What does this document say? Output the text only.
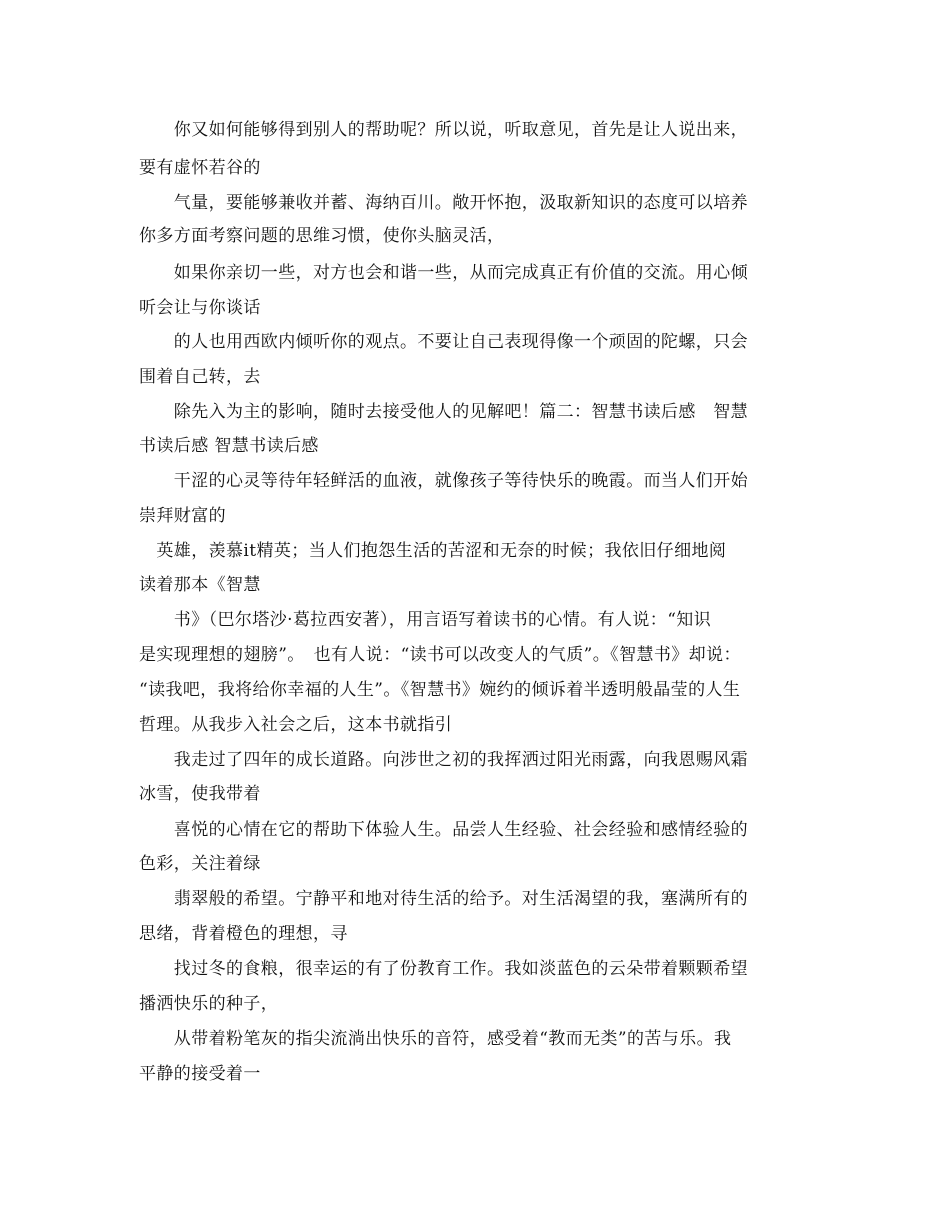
　　你又如何能够得到别人的帮助呢？所以说，听取意见，首先是让人说出来，
要有虚怀若谷的
　　气量，要能够兼收并蓄、海纳百川。敞开怀抱，汲取新知识的态度可以培养
你多方面考察问题的思维习惯，使你头脑灵活，
　　如果你亲切一些，对方也会和谐一些，从而完成真正有价值的交流。用心倾
听会让与你谈话
　　的人也用西欧内倾听你的观点。不要让自己表现得像一个顽固的陀螺，只会
围着自己转，去
　　除先入为主的影响，随时去接受他人的见解吧！篇二：智慧书读后感　智慧
书读后感 智慧书读后感
　　干涩的心灵等待年轻鲜活的血液，就像孩子等待快乐的晚霞。而当人们开始
崇拜财富的
　英雄，羡慕it精英；当人们抱怨生活的苦涩和无奈的时候；我依旧仔细地阅
读着那本《智慧
　　书》（巴尔塔沙·葛拉西安著），用言语写着读书的心情。有人说：“知识
是实现理想的翅膀”。　也有人说：“读书可以改变人的气质”。《智慧书》却说：
“读我吧，我将给你幸福的人生”。《智慧书》婉约的倾诉着半透明般晶莹的人生
哲理。从我步入社会之后，这本书就指引
　　我走过了四年的成长道路。向涉世之初的我挥洒过阳光雨露，向我恩赐风霜
冰雪，使我带着
　　喜悦的心情在它的帮助下体验人生。品尝人生经验、社会经验和感情经验的
色彩，关注着绿
　　翡翠般的希望。宁静平和地对待生活的给予。对生活渴望的我，塞满所有的
思绪，背着橙色的理想，寻
　　找过冬的食粮，很幸运的有了份教育工作。我如淡蓝色的云朵带着颗颗希望
播洒快乐的种子，
　　从带着粉笔灰的指尖流淌出快乐的音符，感受着“教而无类”的苦与乐。我
平静的接受着一
